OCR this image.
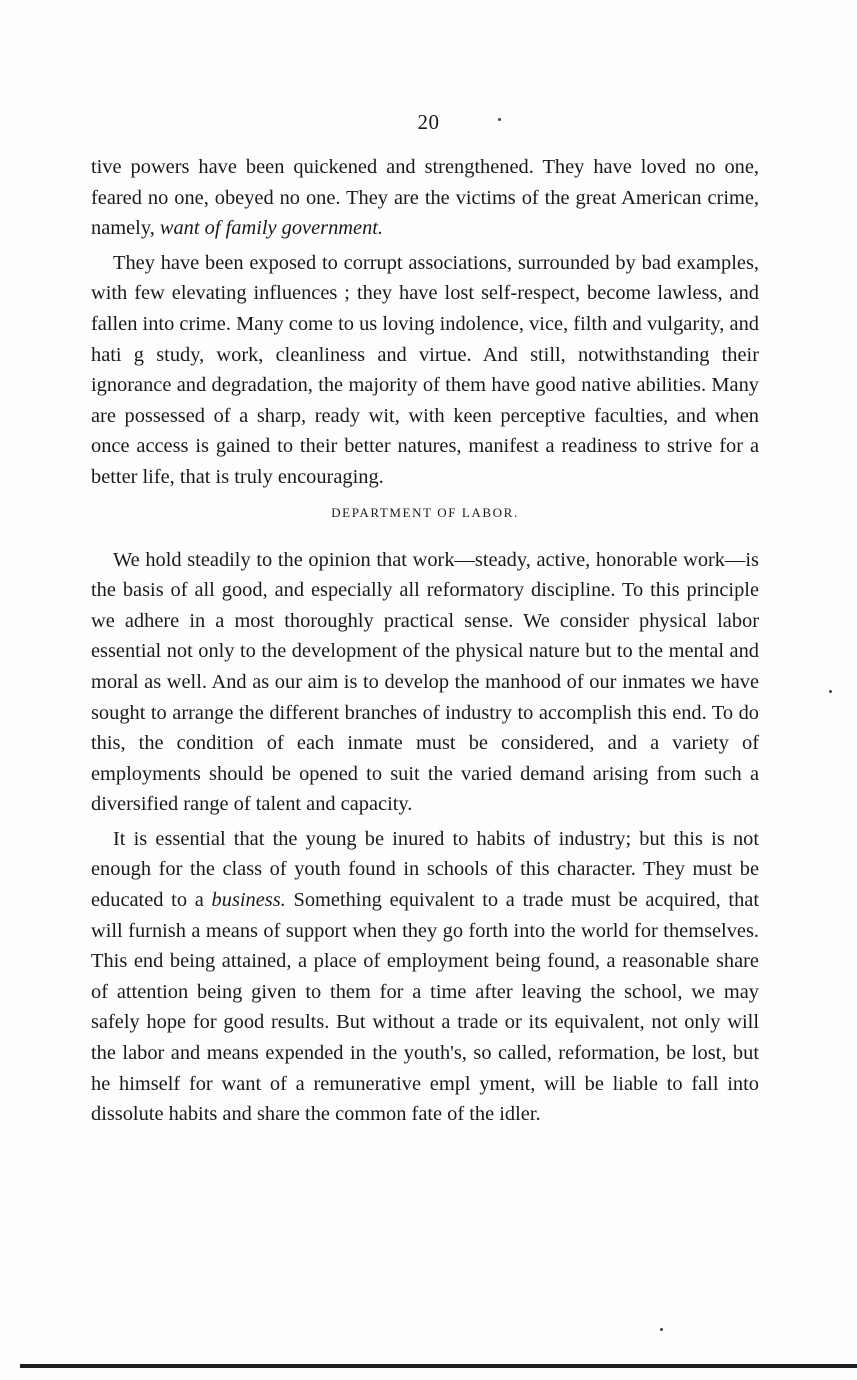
20

tive powers have been quickened and strengthened. They have loved no one, feared no one, obeyed no one. They are the victims of the great American crime, namely, want of family government.

They have been exposed to corrupt associations, surrounded by bad examples, with few elevating influences ; they have lost self-respect, become lawless, and fallen into crime. Many come to us loving indolence, vice, filth and vulgarity, and hati g study, work, cleanliness and virtue. And still, notwithstanding their ignorance and degradation, the majority of them have good native abilities. Many are possessed of a sharp, ready wit, with keen perceptive faculties, and when once access is gained to their better natures, manifest a readiness to strive for a better life, that is truly encouraging.

DEPARTMENT OF LABOR.

We hold steadily to the opinion that work—steady, active, honorable work—is the basis of all good, and especially all reformatory discipline. To this principle we adhere in a most thoroughly practical sense. We consider physical labor essential not only to the development of the physical nature but to the mental and moral as well. And as our aim is to develop the manhood of our inmates we have sought to arrange the different branches of industry to accomplish this end. To do this, the condition of each inmate must be considered, and a variety of employments should be opened to suit the varied demand arising from such a diversified range of talent and capacity.

It is essential that the young be inured to habits of industry; but this is not enough for the class of youth found in schools of this character. They must be educated to a business. Something equivalent to a trade must be acquired, that will furnish a means of support when they go forth into the world for themselves. This end being attained, a place of employment being found, a reasonable share of attention being given to them for a time after leaving the school, we may safely hope for good results. But without a trade or its equivalent, not only will the labor and means expended in the youth's, so called, reformation, be lost, but he himself for want of a remunerative empl yment, will be liable to fall into dissolute habits and share the common fate of the idler.
